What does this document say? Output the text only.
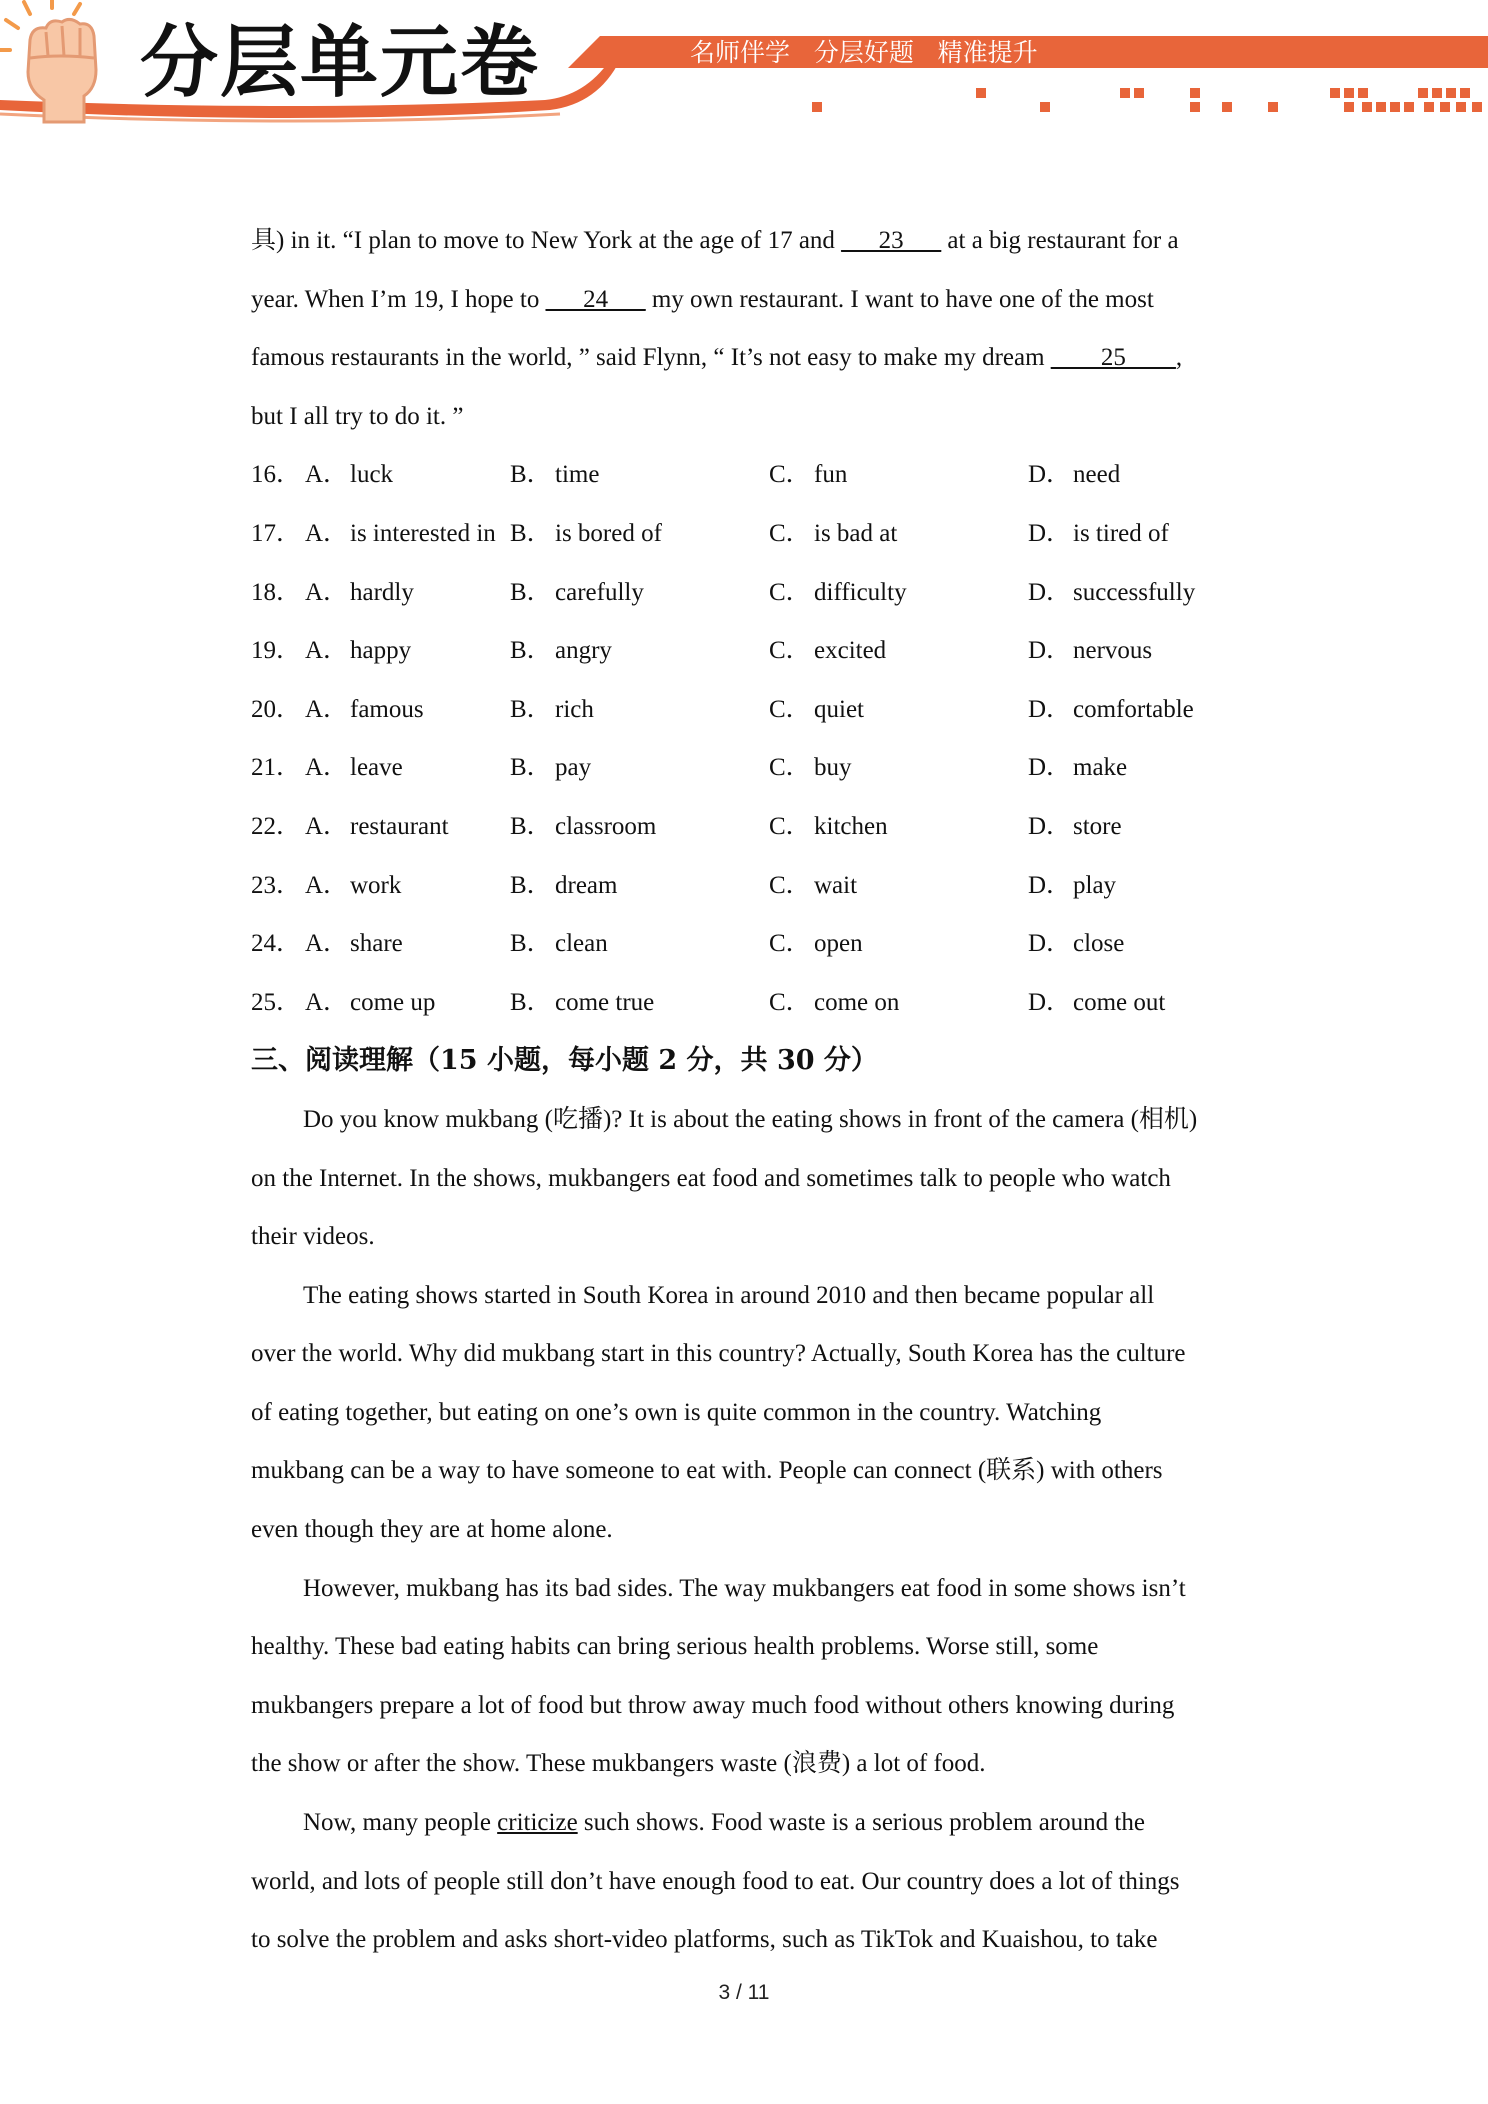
分层单元卷	名师伴学   分层好题   精准提升
具) in it. “I plan to move to New York at the age of 17 and ___23___ at a big restaurant for a
year. When I’m 19, I hope to ___24___ my own restaurant. I want to have one of the most
famous restaurants in the world, ” said Flynn, “ It’s not easy to make my dream ____25____,
but I all try to do it. ”
16． A．luck	B． time	C． fun	D．need
17． A．is interested in B． is bored of	C． is bad at	D．is tired of
18． A．hardly	B． carefully	C． difficulty	D．successfully
19． A．happy	B． angry	C． excited	D．nervous
20． A．famous	B． rich	C． quiet	D．comfortable
21． A．leave	B． pay	C． buy	D．make
22． A．restaurant	B． classroom	C． kitchen	D．store
23． A．work	B． dream	C． wait	D．play
24． A．share	B． clean	C． open	D．close
25． A．come up	B． come true	C． come on	D．come out
三、阅读理解（15 小题，每小题 2 分，共 30 分）
Do you know mukbang (吃播)? It is about the eating shows in front of the camera (相机)
on the Internet. In the shows, mukbangers eat food and sometimes talk to people who watch
their videos.
The eating shows started in South Korea in around 2010 and then became popular all
over the world. Why did mukbang start in this country? Actually, South Korea has the culture
of eating together, but eating on one’s own is quite common in the country. Watching
mukbang can be a way to have someone to eat with. People can connect (联系) with others
even though they are at home alone.
However, mukbang has its bad sides. The way mukbangers eat food in some shows isn’t
healthy. These bad eating habits can bring serious health problems. Worse still, some
mukbangers prepare a lot of food but throw away much food without others knowing during
the show or after the show. These mukbangers waste (浪费) a lot of food.
Now, many people criticize such shows. Food waste is a serious problem around the
world, and lots of people still don’t have enough food to eat. Our country does a lot of things
to solve the problem and asks short-video platforms, such as TikTok and Kuaishou, to take
3 / 11
